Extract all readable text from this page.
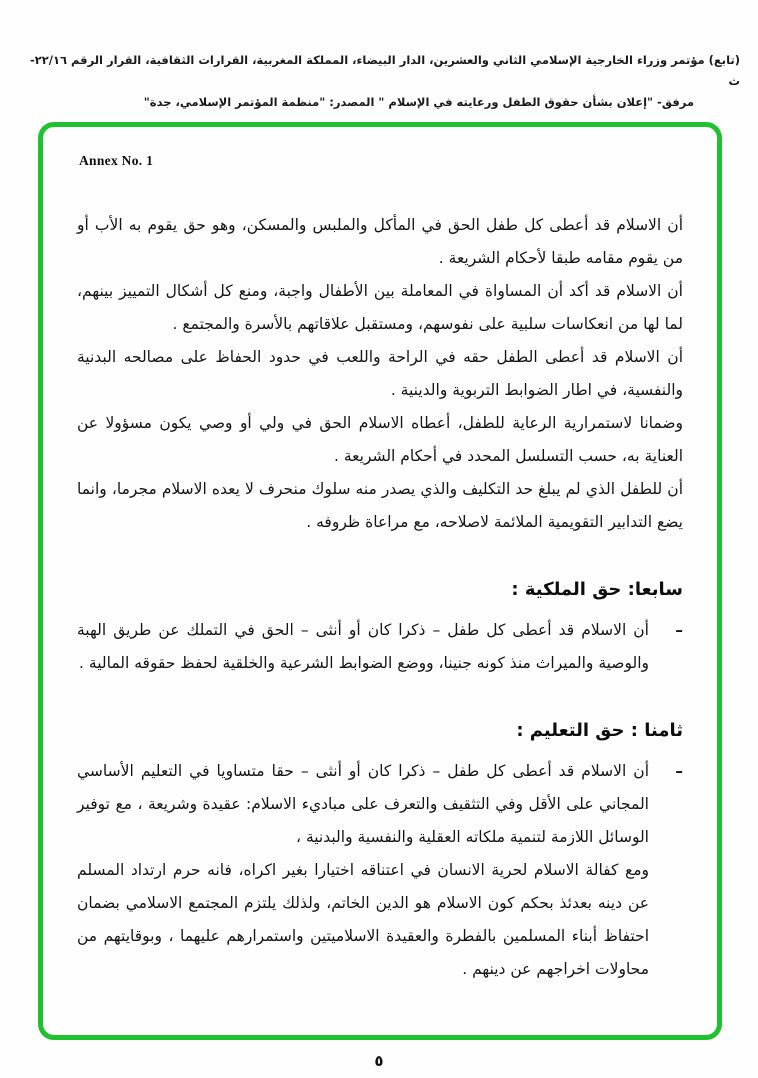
(تابع) مؤتمر وزراء الخارجية الإسلامي الثاني والعشرين، الدار البيضاء، المملكة المغربية، القرارات الثقافية، القرار الرقم ٢٢/١٦-ث
مرفق- "إعلان بشأن حقوق الطفل ورعايته في الإسلام " المصدر: "منظمة المؤتمر الإسلامي، جدة"
Annex No. 1

أن الاسلام قد أعطى كل طفل الحق في المأكل والملبس والمسكن، وهو حق يقوم به الأب أو من يقوم مقامه طبقا لأحكام الشريعة .

أن الاسلام قد أكد أن المساواة في المعاملة بين الأطفال واجبة، ومنع كل أشكال التمييز بينهم، لما لها من انعكاسات سلبية على نفوسهم، ومستقبل علاقاتهم بالأسرة والمجتمع .

أن الاسلام قد أعطى الطفل حقه في الراحة واللعب في حدود الحفاظ على مصالحه البدنية والنفسية، في اطار الضوابط التربوية والدينية .

وضمانا لاستمرارية الرعاية للطفل، أعطاه الاسلام الحق في ولي أو وصي يكون مسؤولا عن العناية به، حسب التسلسل المحدد في أحكام الشريعة .

أن للطفل الذي لم يبلغ حد التكليف والذي يصدر منه سلوك منحرف لا يعده الاسلام مجرما، وانما يضع التدابير التقويمية الملائمة لاصلاحه، مع مراعاة ظروفه .

سابعا: حق الملكية :
–

أن الاسلام قد أعطى كل طفل – ذكرا كان أو أنثى – الحق في التملك عن طريق الهبة والوصية والميراث منذ كونه جنينا، ووضع الضوابط الشرعية والخلقية لحفظ حقوقه المالية .

ثامنا : حق التعليم :
–

أن الاسلام قد أعطى كل طفل – ذكرا كان أو أنثى – حقا متساويا في التعليم الأساسي المجاني على الأقل وفي التثقيف والتعرف على مباديء الاسلام: عقيدة وشريعة ، مع توفير الوسائل اللازمة لتنمية ملكاته العقلية والنفسية والبدنية ،

ومع كفالة الاسلام لحرية الانسان في اعتناقه اختيارا بغير اكراه، فانه حرم ارتداد المسلم عن دينه بعدئذ بحكم كون الاسلام هو الدين الخاتم، ولذلك يلتزم المجتمع الاسلامي بضمان احتفاظ أبناء المسلمين بالفطرة والعقيدة الاسلاميتين واستمرارهم عليهما ، وبوقايتهم من محاولات اخراجهم عن دينهم .

٥
